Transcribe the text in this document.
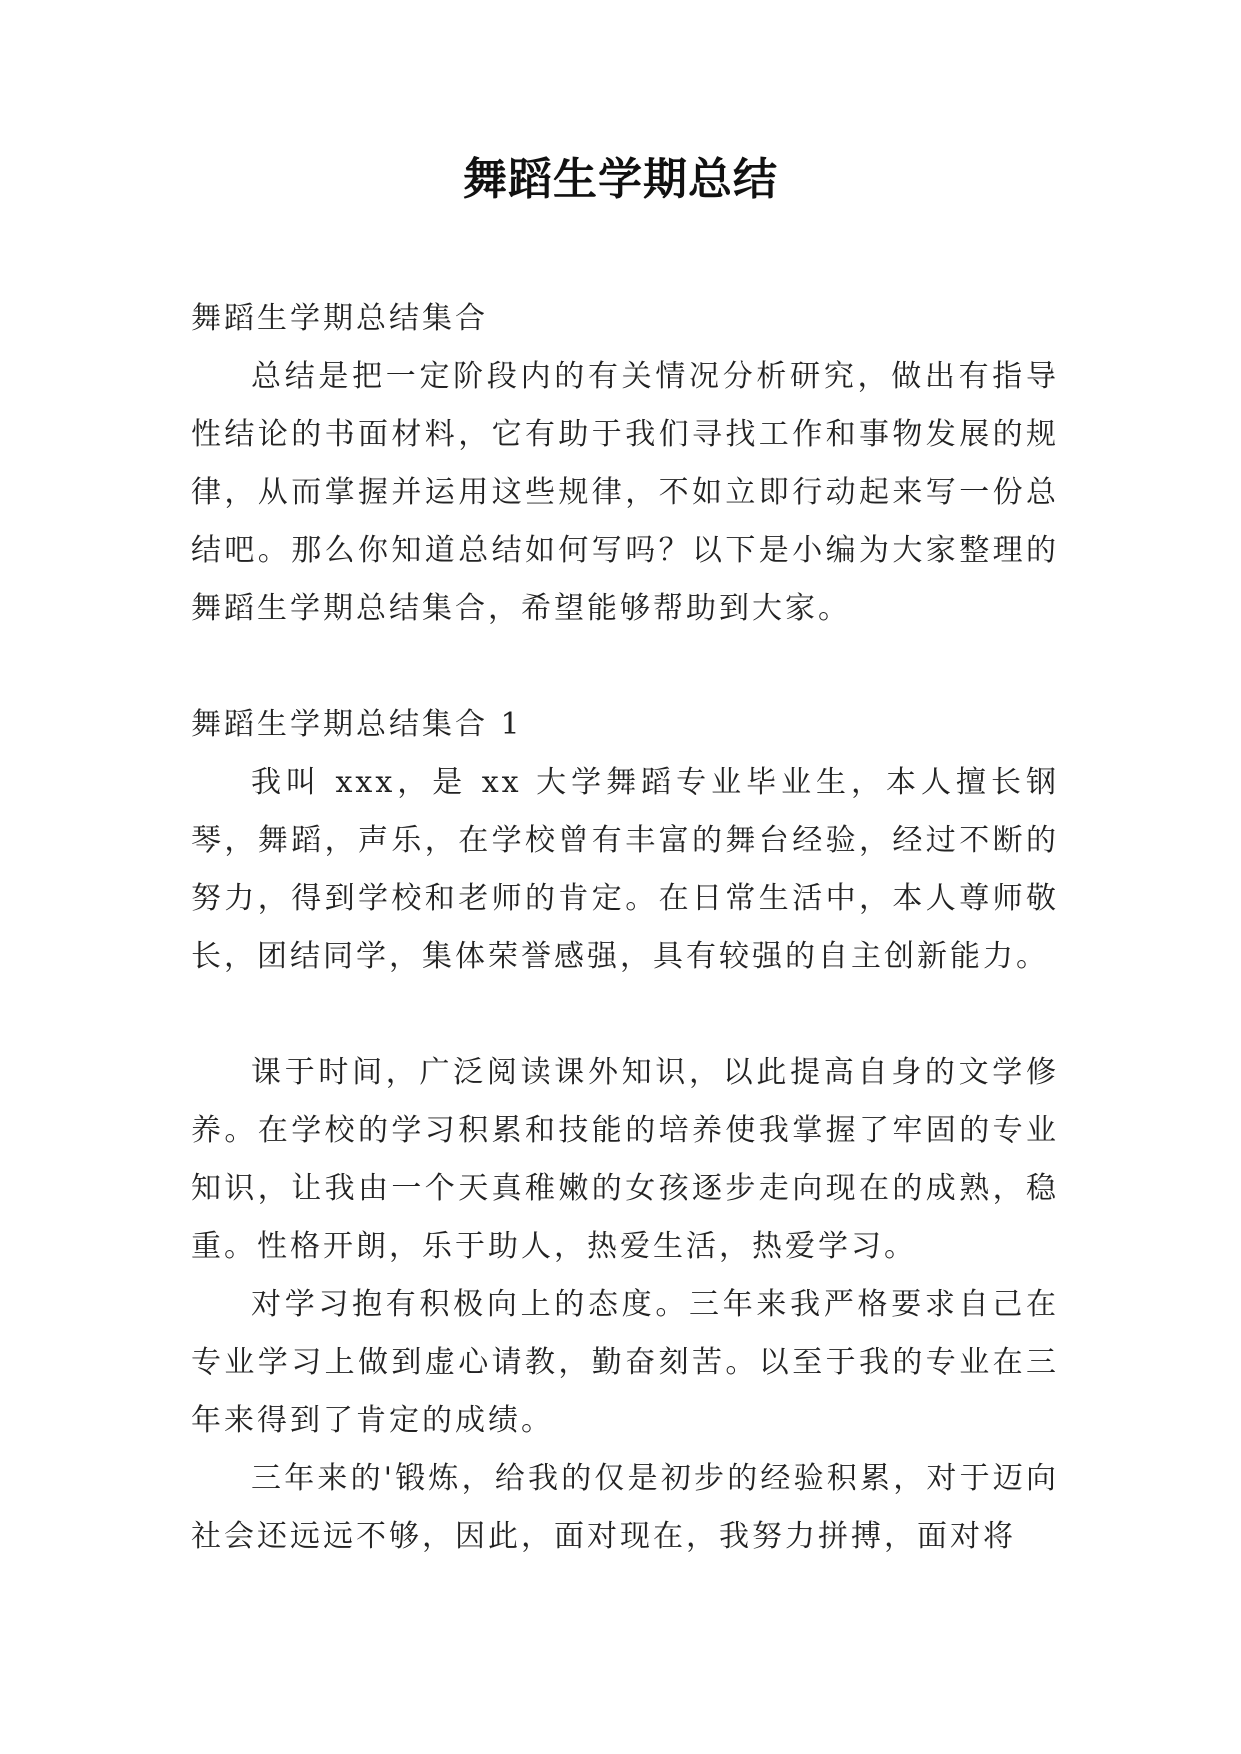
舞蹈生学期总结

舞蹈生学期总结集合

总结是把一定阶段内的有关情况分析研究，做出有指导性结论的书面材料，它有助于我们寻找工作和事物发展的规律，从而掌握并运用这些规律，不如立即行动起来写一份总结吧。那么你知道总结如何写吗？以下是小编为大家整理的舞蹈生学期总结集合，希望能够帮助到大家。

舞蹈生学期总结集合 1

我叫 xxx，是 xx 大学舞蹈专业毕业生，本人擅长钢琴，舞蹈，声乐，在学校曾有丰富的舞台经验，经过不断的努力，得到学校和老师的肯定。在日常生活中，本人尊师敬长，团结同学，集体荣誉感强，具有较强的自主创新能力。

课于时间，广泛阅读课外知识，以此提高自身的文学修养。在学校的学习积累和技能的培养使我掌握了牢固的专业知识，让我由一个天真稚嫩的女孩逐步走向现在的成熟，稳重。性格开朗，乐于助人，热爱生活，热爱学习。

对学习抱有积极向上的态度。三年来我严格要求自己在专业学习上做到虚心请教，勤奋刻苦。以至于我的专业在三年来得到了肯定的成绩。

三年来的'锻炼，给我的仅是初步的经验积累，对于迈向社会还远远不够，因此，面对现在，我努力拼搏，面对将
